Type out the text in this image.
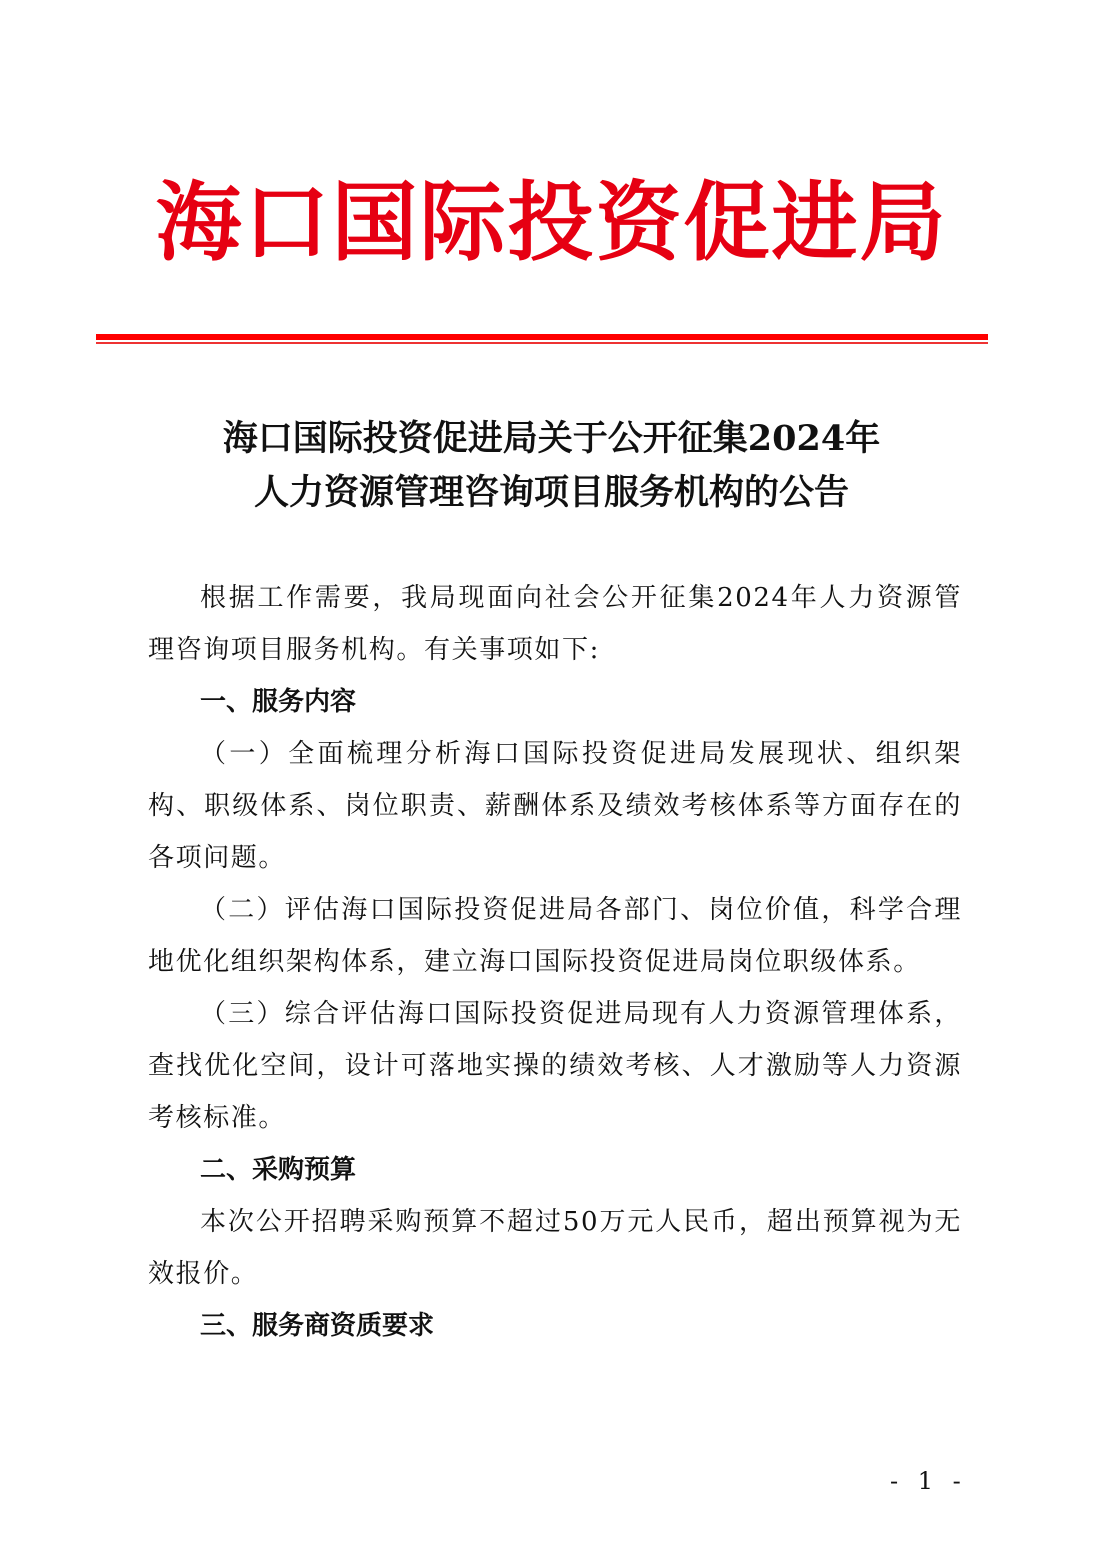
海口国际投资促进局
海口国际投资促进局关于公开征集2024年
人力资源管理咨询项目服务机构的公告

根据工作需要，我局现面向社会公开征集2024年人力资源管理咨询项目服务机构。有关事项如下:

一、服务内容

（一）全面梳理分析海口国际投资促进局发展现状、组织架构、职级体系、岗位职责、薪酬体系及绩效考核体系等方面存在的各项问题。

（二）评估海口国际投资促进局各部门、岗位价值，科学合理地优化组织架构体系，建立海口国际投资促进局岗位职级体系。

（三）综合评估海口国际投资促进局现有人力资源管理体系，查找优化空间，设计可落地实操的绩效考核、人才激励等人力资源考核标准。

二、采购预算

本次公开招聘采购预算不超过50万元人民币，超出预算视为无效报价。

三、服务商资质要求
- 1 -
